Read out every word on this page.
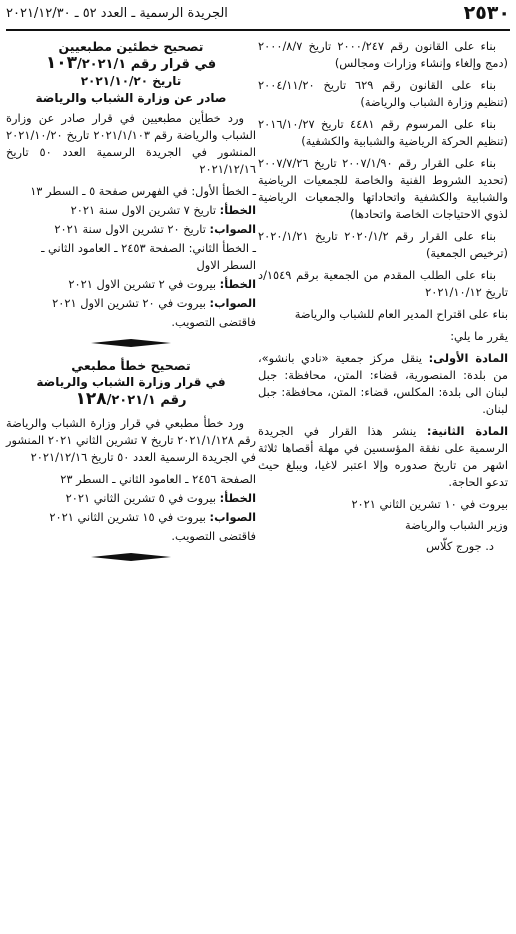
٢٥٣٠
الجريدة الرسمية ـ العدد ٥٢ ـ ٢٠٢١/١٢/٣٠

بناء على القانون رقم ٢٠٠٠/٢٤٧ تاريخ ٢٠٠٠/٨/٧ (دمج وإلغاء وإنشاء وزارات ومجالس)

بناء على القانون رقم ٦٢٩ تاريخ ٢٠٠٤/١١/٢٠ (تنظيم وزارة الشباب والرياضة)

بناء على المرسوم رقم ٤٤٨١ تاريخ ٢٠١٦/١٠/٢٧ (تنظيم الحركة الرياضية والشبابية والكشفية)

بناء على القرار رقم ٢٠٠٧/١/٩٠ تاريخ ٢٠٠٧/٧/٢٦ (تحديد الشروط الفنية والخاصة للجمعيات الرياضية والشبابية والكشفية واتحاداتها والجمعيات الرياضية لذوي الاحتياجات الخاصة واتحادها)

بناء على القرار رقم ٢٠٢٠/١/٢ تاريخ ٢٠٢٠/١/٢١ (ترخيص الجمعية)

بناء على الطلب المقدم من الجمعية برقم ١٥٤٩/د تاريخ ٢٠٢١/١٠/١٢

بناء على اقتراح المدير العام للشباب والرياضة

يقرر ما يلي:

المادة الأولى: ينقل مركز جمعية «نادي بانشو»، من بلدة: المنصورية، قضاء: المتن، محافظة: جبل لبنان الى بلدة: المكلس، قضاء: المتن، محافظة: جبل لبنان.

المادة الثانية: ينشر هذا القرار في الجريدة الرسمية على نفقة المؤسسين في مهلة أقصاها ثلاثة اشهر من تاريخ صدوره وإلا اعتبر لاغيا، ويبلغ حيث تدعو الحاجة.

بيروت في ١٠ تشرين الثاني ٢٠٢١
وزير الشباب والرياضة
د. جورج كلّاس

تصحيح خطئين مطبعيين

في قرار رقم ١٠٣/٢٠٢١/١

تاريخ ٢٠٢١/١٠/٢٠

صادر عن وزارة الشباب والرياضة

ورد خطأين مطبعيين في قرار صادر عن وزارة الشباب والرياضة رقم ٢٠٢١/١/١٠٣ تاريخ ٢٠٢١/١٠/٢٠ المنشور في الجريدة الرسمية العدد ٥٠ تاريخ ٢٠٢١/١٢/١٦

ـ الخطأ الأول: في الفهرس صفحة ٥ ـ السطر ١٣
الخطأ: تاريخ ٧ تشرين الاول سنة ٢٠٢١
الصواب: تاريخ ٢٠ تشرين الاول سنة ٢٠٢١
ـ الخطأ الثاني: الصفحة ٢٤٥٣ ـ العامود الثاني ـ السطر الاول
الخطأ: بيروت في ٢ تشرين الاول ٢٠٢١
الصواب: بيروت في ٢٠ تشرين الاول ٢٠٢١
فاقتضى التصويب.

تصحيح خطأ مطبعي

في قرار وزارة الشباب والرياضة

رقم ١٢٨/٢٠٢١/١

ورد خطأ مطبعي في قرار وزارة الشباب والرياضة رقم ٢٠٢١/١/١٢٨ تاريخ ٧ تشرين الثاني ٢٠٢١ المنشور في الجريدة الرسمية العدد ٥٠ تاريخ ٢٠٢١/١٢/١٦

الصفحة ٢٤٥٦ ـ العامود الثاني ـ السطر ٢٣
الخطأ: بيروت في ٥ تشرين الثاني ٢٠٢١
الصواب: بيروت في ١٥ تشرين الثاني ٢٠٢١
فاقتضى التصويب.
